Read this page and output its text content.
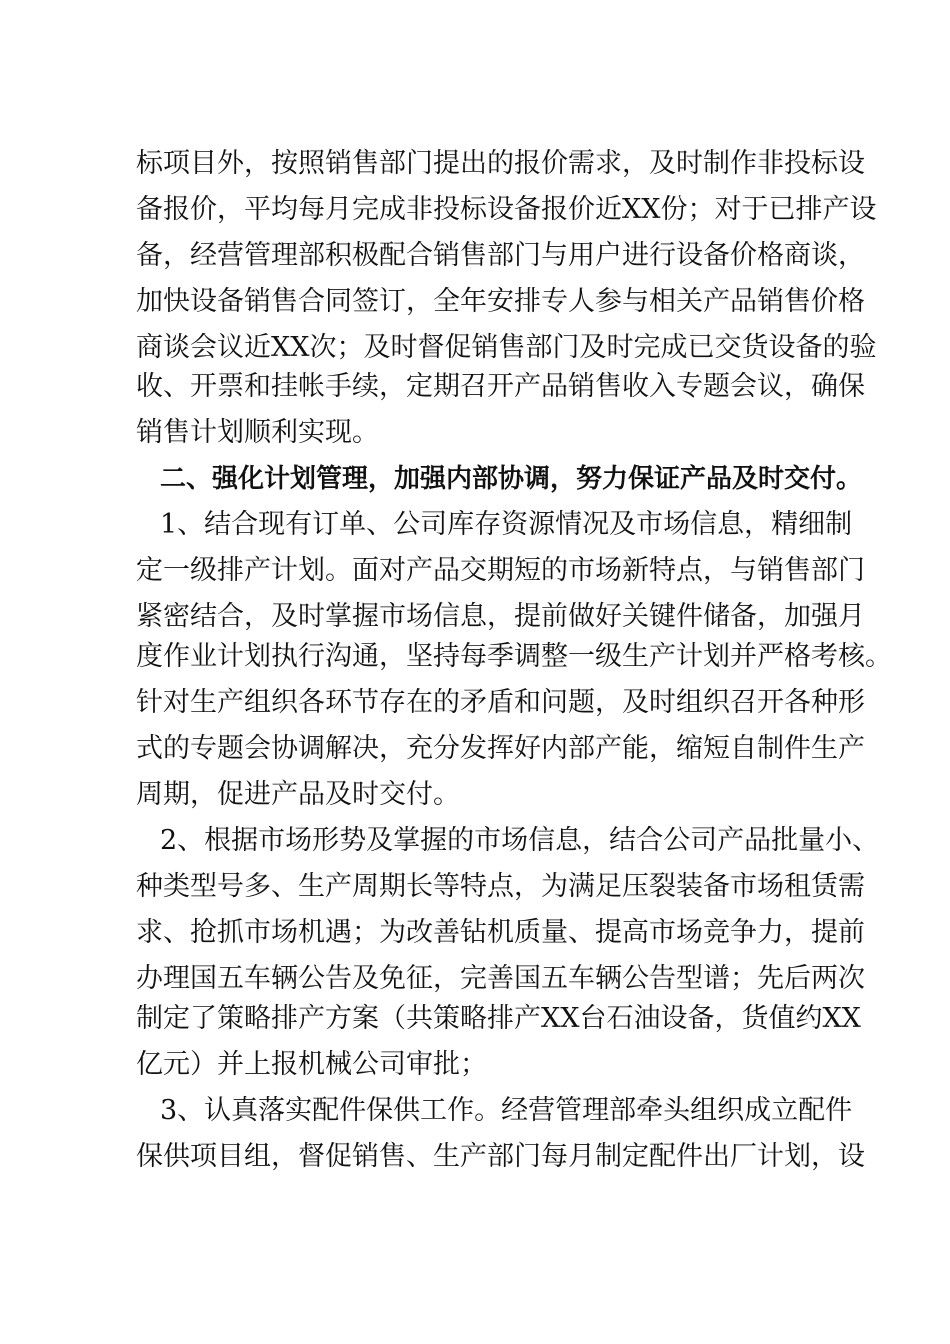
标项目外，按照销售部门提出的报价需求，及时制作非投标设

备报价，平均每月完成非投标设备报价近XX份；对于已排产设

备，经营管理部积极配合销售部门与用户进行设备价格商谈，

加快设备销售合同签订，全年安排专人参与相关产品销售价格

商谈会议近XX次；及时督促销售部门及时完成已交货设备的验

收、开票和挂帐手续，定期召开产品销售收入专题会议，确保

销售计划顺利实现。

二、强化计划管理，加强内部协调，努力保证产品及时交付。

1、结合现有订单、公司库存资源情况及市场信息，精细制

定一级排产计划。面对产品交期短的市场新特点，与销售部门

紧密结合，及时掌握市场信息，提前做好关键件储备，加强月

度作业计划执行沟通，坚持每季调整一级生产计划并严格考核。

针对生产组织各环节存在的矛盾和问题，及时组织召开各种形

式的专题会协调解决，充分发挥好内部产能，缩短自制件生产

周期，促进产品及时交付。

2、根据市场形势及掌握的市场信息，结合公司产品批量小、

种类型号多、生产周期长等特点，为满足压裂装备市场租赁需

求、抢抓市场机遇；为改善钻机质量、提高市场竞争力，提前

办理国五车辆公告及免征，完善国五车辆公告型谱；先后两次

制定了策略排产方案（共策略排产XX台石油设备，货值约XX

亿元）并上报机械公司审批；

3、认真落实配件保供工作。经营管理部牵头组织成立配件

保供项目组，督促销售、生产部门每月制定配件出厂计划，设
